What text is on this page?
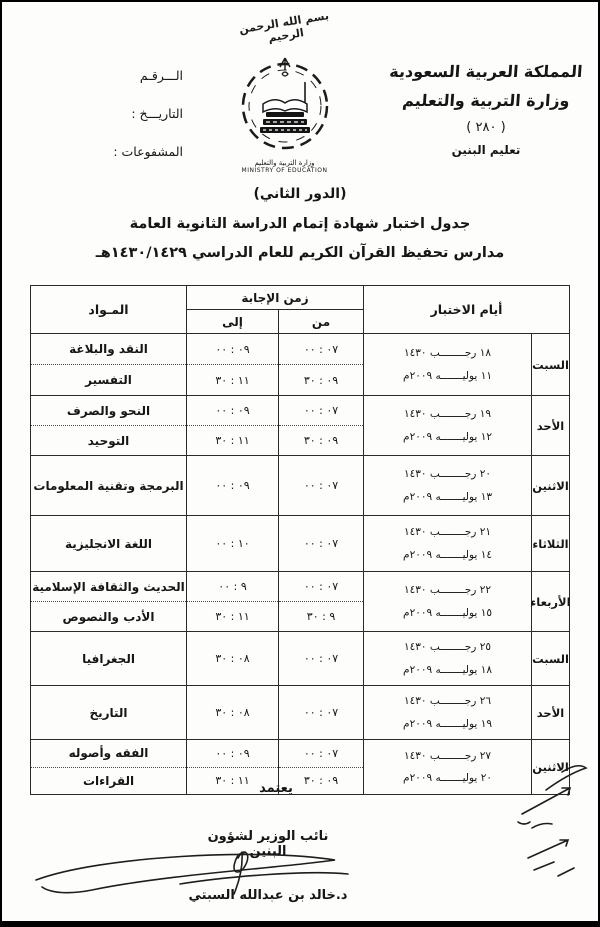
بسم الله الرحمن الرحيم
المملكة العربية السعودية
وزارة التربية والتعليم
( ٢٨٠ )
تعليم البنين
الـــرقـم
التاريـــخ :
المشفوعات :
وزارة التربية والتعليم
MINISTRY OF EDUCATION
(الدور الثاني)
جدول اختبار شهادة إتمام الدراسة الثانوية العامة
مدارس تحفيظ القرآن الكريم للعام الدراسي ١٤٣٠/١٤٢٩هـ
أيام الاختبار
زمن الإجابة
من
إلى
المـواد
السبت
١٨ رجــــــــب ١٤٣٠
١١ يوليـــــــه ٢٠٠٩م
٠٧ : ٠٠
٠٩ : ٣٠
٠٩ : ٠٠
١١ : ٣٠
النقد والبلاغة
التفسير
الأحد
١٩ رجــــــــب ١٤٣٠
١٢ يوليـــــــه ٢٠٠٩م
٠٧ : ٠٠
٠٩ : ٣٠
٠٩ : ٠٠
١١ : ٣٠
النحو والصرف
التوحيد
الاثنين
٢٠ رجــــــــب ١٤٣٠
١٣ يوليـــــــه ٢٠٠٩م
٠٧ : ٠٠
٠٩ : ٠٠
البرمجة وتقنية المعلومات
الثلاثاء
٢١ رجــــــــب ١٤٣٠
١٤ يوليـــــــه ٢٠٠٩م
٠٧ : ٠٠
١٠ : ٠٠
اللغة الانجليزية
الأربعاء
٢٢ رجــــــــب ١٤٣٠
١٥ يوليـــــــه ٢٠٠٩م
٠٧ : ٠٠
٩ : ٣٠
٩ : ٠٠
١١ : ٣٠
الحديث والثقافة الإسلامية
الأدب والنصوص
السبت
٢٥ رجــــــــب ١٤٣٠
١٨ يوليـــــــه ٢٠٠٩م
٠٧ : ٠٠
٠٨ : ٣٠
الجغرافيا
الأحد
٢٦ رجــــــــب ١٤٣٠
١٩ يوليـــــــه ٢٠٠٩م
٠٧ : ٠٠
٠٨ : ٣٠
التاريخ
الاثنين
٢٧ رجــــــــب ١٤٣٠
٢٠ يوليـــــــه ٢٠٠٩م
٠٧ : ٠٠
٠٩ : ٣٠
٠٩ : ٠٠
١١ : ٣٠
الفقه وأصوله
القراءات
يعتمد
نائب الوزير لشؤون البنين
د.خالد بن عبدالله السبتي
